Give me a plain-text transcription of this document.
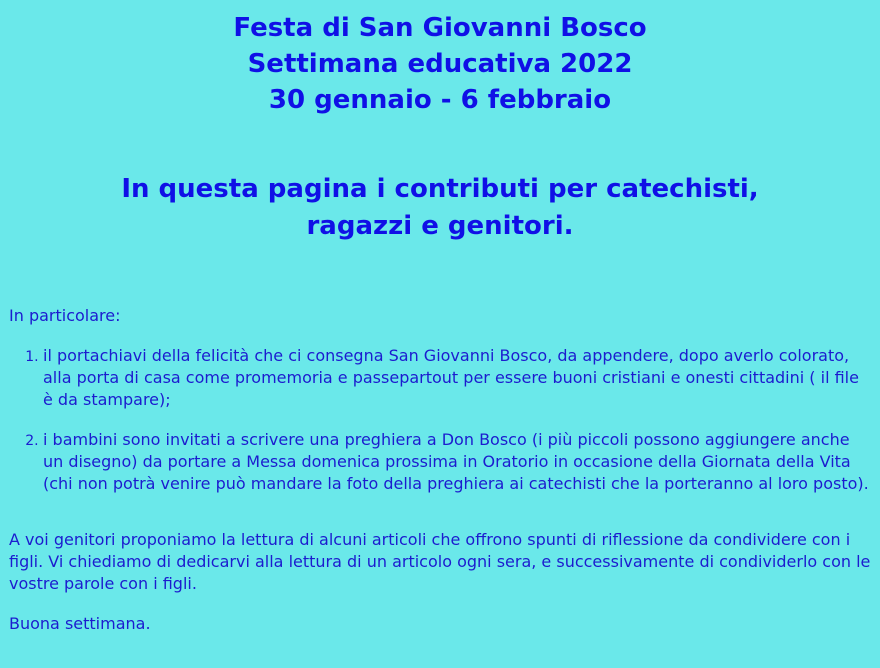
Festa di San Giovanni Bosco
Settimana educativa 2022
30 gennaio - 6 febbraio
In questa pagina i contributi per catechisti,
ragazzi e genitori.

In particolare:

1. il portachiavi della felicità che ci consegna San Giovanni Bosco, da appendere, dopo averlo colorato, alla porta di casa come promemoria e passepartout per essere buoni cristiani e onesti cittadini ( il file è da stampare);
2. i bambini sono invitati a scrivere una preghiera a Don Bosco (i più piccoli possono aggiungere anche un disegno) da portare a Messa domenica prossima in Oratorio in occasione della Giornata della Vita (chi non potrà venire può mandare la foto della preghiera ai catechisti che la porteranno al loro posto).

A voi genitori proponiamo la lettura di alcuni articoli che offrono spunti di riflessione da condividere con i figli. Vi chiediamo di dedicarvi alla lettura di un articolo ogni sera, e successivamente di condividerlo con le vostre parole con i figli.

Buona settimana.
